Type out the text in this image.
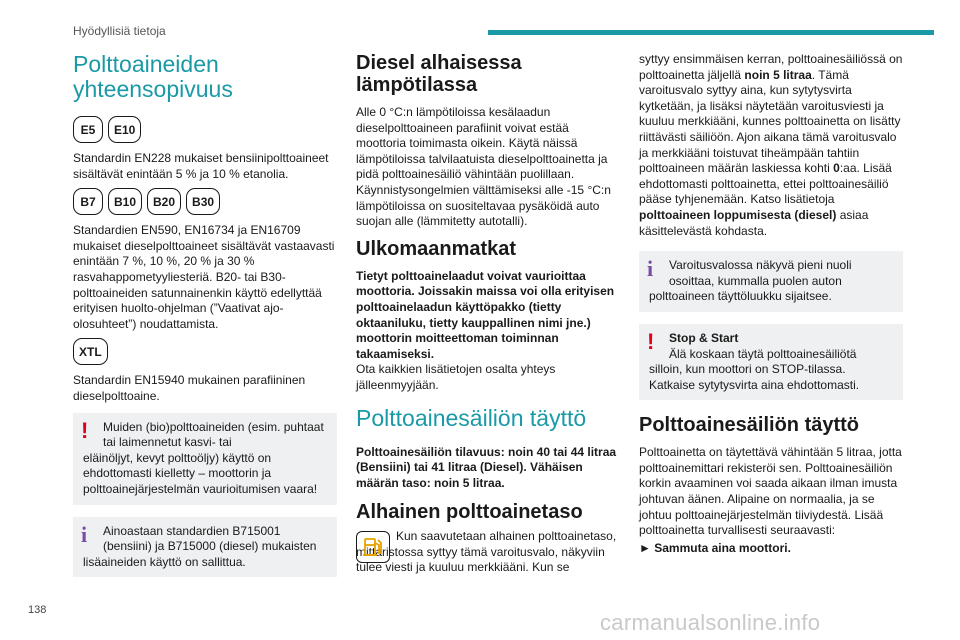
Hyödyllisiä tietoja
138	carmanualsonline.info
Polttoaineiden yhteensopivuus
E5	E10

Standardin EN228 mukaiset bensiinipolttoaineet sisältävät enintään 5 % ja 10 % etanolia.

B7	B10	B20	B30

Standardien EN590, EN16734 ja EN16709 mukaiset dieselpolttoaineet sisältävät vastaavasti enintään 7 %, 10 %, 20 % ja 30 % rasvahappometyyliesteriä. B20- tai B30-polttoaineiden satunnainenkin käyttö edellyttää erityisen huolto-ohjelman (”Vaativat ajo-olosuhteet”) noudattamista.

XTL

Standardin EN15940 mukainen parafiininen dieselpolttoaine.

!	Muiden (bio)polttoaineiden (esim. puhtaat tai laimennetut kasvi- tai
eläinöljyt, kevyt polttoöljy) käyttö on ehdottomasti kielletty – moottorin ja polttoainejärjestelmän vaurioitumisen vaara!
i	Ainoastaan standardien B715001 (bensiini) ja B715000 (diesel) mukaisten
lisäaineiden käyttö on sallittua.
Diesel alhaisessa lämpötilassa

Alle 0 °C:n lämpötiloissa kesälaadun dieselpolttoaineen parafiinit voivat estää moottoria toimimasta oikein. Käytä näissä lämpötiloissa talvilaatuista dieselpolttoainetta ja pidä polttoainesäiliö vähintään puolillaan. Käynnistysongelmien välttämiseksi alle -15 °C:n lämpötiloissa on suositeltavaa pysäköidä auto suojan alle (lämmitetty autotalli).

Ulkomaanmatkat

Tietyt polttoainelaadut voivat vaurioittaa moottoria. Joissakin maissa voi olla erityisen polttoainelaadun käyttöpakko (tietty oktaaniluku, tietty kauppallinen nimi jne.) moottorin moitteettoman toiminnan takaamiseksi.

Ota kaikkien lisätietojen osalta yhteys jälleenmyyjään.

Polttoainesäiliön täyttö

Polttoainesäiliön tilavuus: noin 40 tai 44 litraa (Bensiini) tai 41 litraa (Diesel). Vähäisen määrän taso: noin 5 litraa.

Alhainen polttoainetaso

Kun saavutetaan alhainen polttoainetaso, mittaristossa syttyy tämä varoitusvalo, näkyviin tulee viesti ja kuuluu merkkiääni. Kun se

syttyy ensimmäisen kerran, polttoainesäiliössä on polttoainetta jäljellä noin 5 litraa. Tämä varoitusvalo syttyy aina, kun sytytysvirta kytketään, ja lisäksi näytetään varoitusviesti ja kuuluu merkkiääni, kunnes polttoainetta on lisätty riittävästi säiliöön. Ajon aikana tämä varoitusvalo ja merkkiääni toistuvat tiheämpään tahtiin polttoaineen määrän laskiessa kohti 0:aa. Lisää ehdottomasti polttoainetta, ettei polttoainesäiliö pääse tyhjenemään. Katso lisätietoja polttoaineen loppumisesta (diesel) asiaa käsittelevästä kohdasta.

i	Varoitusvalossa näkyvä pieni nuoli osoittaa, kummalla puolen auton
polttoaineen täyttöluukku sijaitsee.
!	Stop & Start
Älä koskaan täytä polttoainesäiliötä
silloin, kun moottori on STOP-tilassa. Katkaise sytytysvirta aina ehdottomasti.
Polttoainesäiliön täyttö

Polttoainetta on täytettävä vähintään 5 litraa, jotta polttoainemittari rekisteröi sen. Polttoainesäiliön korkin avaaminen voi saada aikaan ilman imusta johtuvan äänen. Alipaine on normaalia, ja se johtuu polttoainejärjestelmän tiiviydestä. Lisää polttoainetta turvallisesti seuraavasti:

► Sammuta aina moottori.
